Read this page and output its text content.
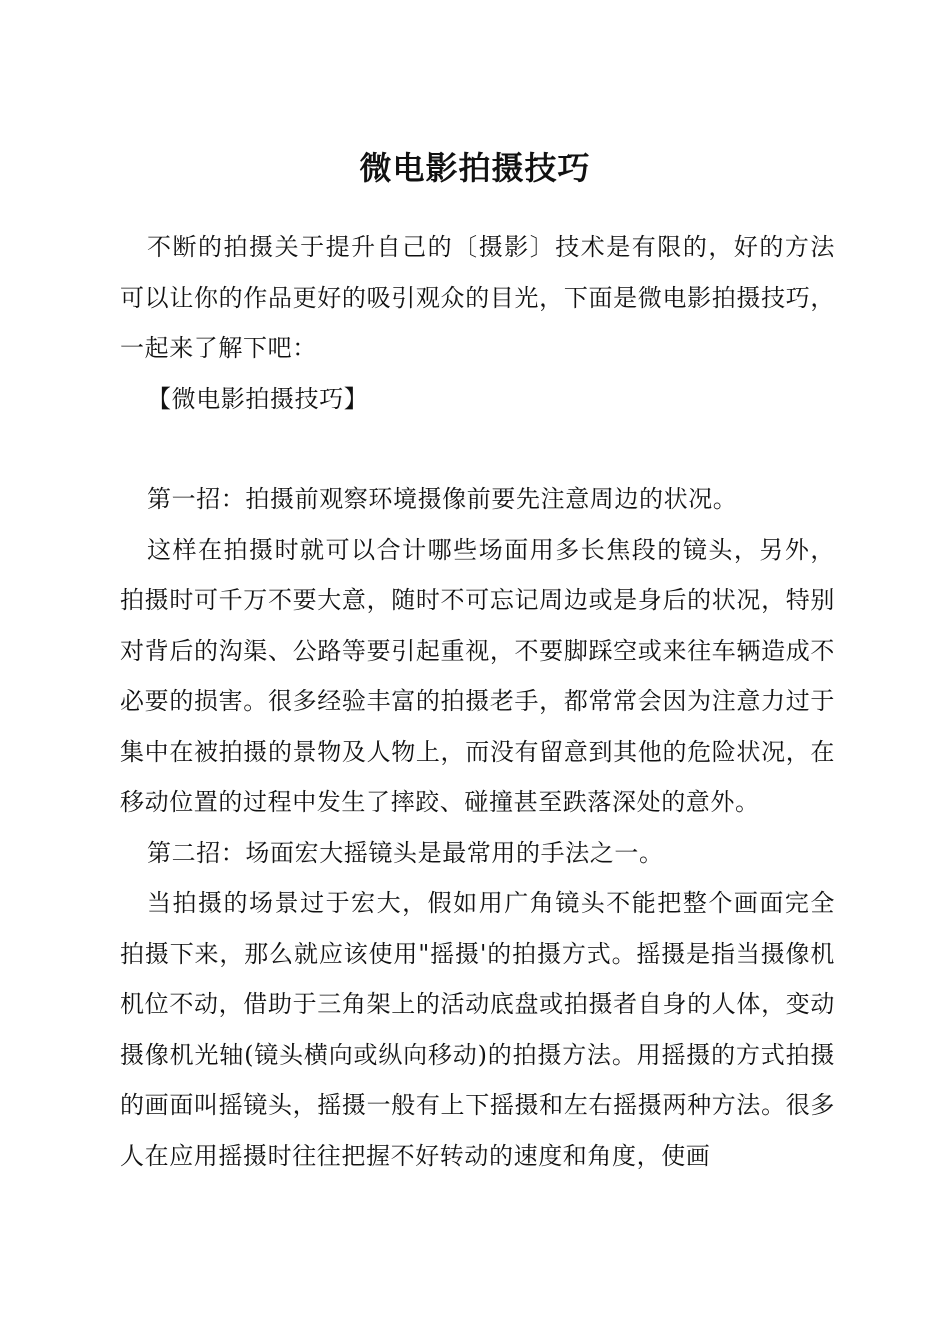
微电影拍摄技巧

不断的拍摄关于提升自己的〔摄影〕技术是有限的，好的方法可以让你的作品更好的吸引观众的目光，下面是微电影拍摄技巧，一起来了解下吧：

【微电影拍摄技巧】

第一招：拍摄前观察环境摄像前要先注意周边的状况。

这样在拍摄时就可以合计哪些场面用多长焦段的镜头，另外，拍摄时可千万不要大意，随时不可忘记周边或是身后的状况，特别对背后的沟渠、公路等要引起重视，不要脚踩空或来往车辆造成不必要的损害。很多经验丰富的拍摄老手，都常常会因为注意力过于集中在被拍摄的景物及人物上，而没有留意到其他的危险状况，在移动位置的过程中发生了摔跤、碰撞甚至跌落深处的意外。

第二招：场面宏大摇镜头是最常用的手法之一。

当拍摄的场景过于宏大，假如用广角镜头不能把整个画面完全拍摄下来，那么就应该使用"摇摄'的拍摄方式。摇摄是指当摄像机机位不动，借助于三角架上的活动底盘或拍摄者自身的人体，变动摄像机光轴(镜头横向或纵向移动)的拍摄方法。用摇摄的方式拍摄的画面叫摇镜头，摇摄一般有上下摇摄和左右摇摄两种方法。很多人在应用摇摄时往往把握不好转动的速度和角度，使画
